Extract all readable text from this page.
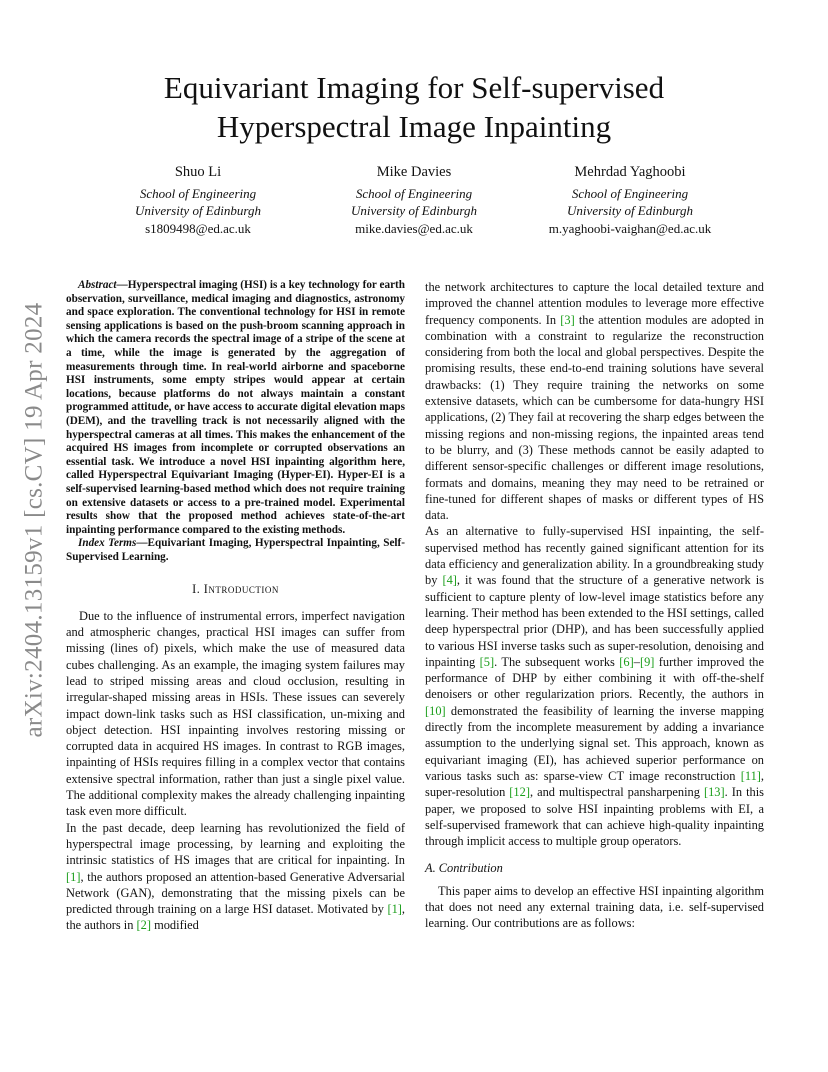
arXiv:2404.13159v1 [cs.CV] 19 Apr 2024
Equivariant Imaging for Self-supervised Hyperspectral Image Inpainting
Shuo Li
School of Engineering
University of Edinburgh
s1809498@ed.ac.uk
Mike Davies
School of Engineering
University of Edinburgh
mike.davies@ed.ac.uk
Mehrdad Yaghoobi
School of Engineering
University of Edinburgh
m.yaghoobi-vaighan@ed.ac.uk

Abstract—Hyperspectral imaging (HSI) is a key technology for earth observation, surveillance, medical imaging and diagnostics, astronomy and space exploration. The conventional technology for HSI in remote sensing applications is based on the push-broom scanning approach in which the camera records the spectral image of a stripe of the scene at a time, while the image is generated by the aggregation of measurements through time. In real-world airborne and spaceborne HSI instruments, some empty stripes would appear at certain locations, because platforms do not always maintain a constant programmed attitude, or have access to accurate digital elevation maps (DEM), and the travelling track is not necessarily aligned with the hyperspectral cameras at all times. This makes the enhancement of the acquired HS images from incomplete or corrupted observations an essential task. We introduce a novel HSI inpainting algorithm here, called Hyperspectral Equivariant Imaging (Hyper-EI). Hyper-EI is a self-supervised learning-based method which does not require training on extensive datasets or access to a pre-trained model. Experimental results show that the proposed method achieves state-of-the-art inpainting performance compared to the existing methods.

Index Terms—Equivariant Imaging, Hyperspectral Inpainting, Self-Supervised Learning.

I. Introduction

Due to the influence of instrumental errors, imperfect navigation and atmospheric changes, practical HSI images can suffer from missing (lines of) pixels, which make the use of measured data cubes challenging. As an example, the imaging system failures may lead to striped missing areas and cloud occlusion, resulting in irregular-shaped missing areas in HSIs. These issues can severely impact down-link tasks such as HSI classification, un-mixing and object detection. HSI inpainting involves restoring missing or corrupted data in acquired HS images. In contrast to RGB images, inpainting of HSIs requires filling in a complex vector that contains extensive spectral information, rather than just a single pixel value. The additional complexity makes the already challenging inpainting task even more difficult.

In the past decade, deep learning has revolutionized the field of hyperspectral image processing, by learning and exploiting the intrinsic statistics of HS images that are critical for inpainting. In [1], the authors proposed an attention-based Generative Adversarial Network (GAN), demonstrating that the missing pixels can be predicted through training on a large HSI dataset. Motivated by [1], the authors in [2] modified

the network architectures to capture the local detailed texture and improved the channel attention modules to leverage more effective frequency components. In [3] the attention modules are adopted in combination with a constraint to regularize the reconstruction considering from both the local and global perspectives. Despite the promising results, these end-to-end training solutions have several drawbacks: (1) They require training the networks on some extensive datasets, which can be cumbersome for data-hungry HSI applications, (2) They fail at recovering the sharp edges between the missing regions and non-missing regions, the inpainted areas tend to be blurry, and (3) These methods cannot be easily adapted to different sensor-specific challenges or different image resolutions, formats and domains, meaning they may need to be retrained or fine-tuned for different shapes of masks or different types of HS data.

As an alternative to fully-supervised HSI inpainting, the self-supervised method has recently gained significant attention for its data efficiency and generalization ability. In a groundbreaking study by [4], it was found that the structure of a generative network is sufficient to capture plenty of low-level image statistics before any learning. Their method has been extended to the HSI settings, called deep hyperspectral prior (DHP), and has been successfully applied to various HSI inverse tasks such as super-resolution, denoising and inpainting [5]. The subsequent works [6]–[9] further improved the performance of DHP by either combining it with off-the-shelf denoisers or other regularization priors. Recently, the authors in [10] demonstrated the feasibility of learning the inverse mapping directly from the incomplete measurement by adding a invariance assumption to the underlying signal set. This approach, known as equivariant imaging (EI), has achieved superior performance on various tasks such as: sparse-view CT image reconstruction [11], super-resolution [12], and multispectral pansharpening [13]. In this paper, we proposed to solve HSI inpainting problems with EI, a self-supervised framework that can achieve high-quality inpainting through implicit access to multiple group operators.

A. Contribution

This paper aims to develop an effective HSI inpainting algorithm that does not need any external training data, i.e. self-supervised learning. Our contributions are as follows:
